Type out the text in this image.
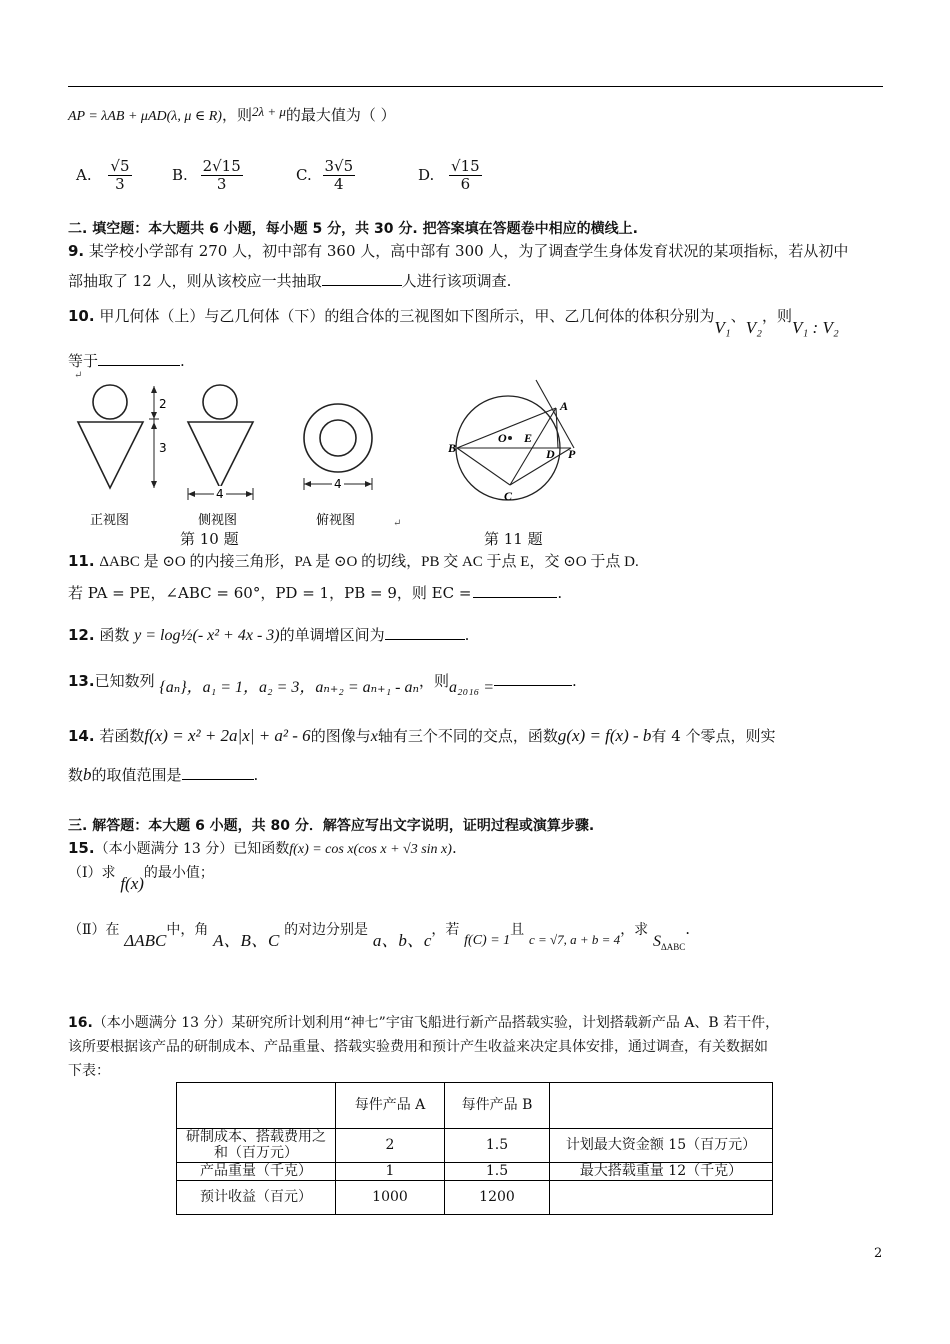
AP = λAB + μAD(λ, μ ∈ R)，则2λ + μ的最大值为（ ）
A. $\frac{√5}{3}$	B. $\frac{2√15}{3}$	C. $\frac{3√5}{4}$	D. $\frac{√15}{6}$
二. 填空题：本大题共 6 小题，每小题 5 分，共 30 分. 把答案填在答题卷中相应的横线上.
9. 某学校小学部有 270 人，初中部有 360 人，高中部有 300 人，为了调查学生身体发育状况的某项指标，若从初中
部抽取了 12 人，则从该校应一共抽取	人进行该项调查.
10. 甲几何体（上）与乙几何体（下）的组合体的三视图如下图所示，甲、乙几何体的体积分别为V₁、V₂，则V₁ : V₂
等于	.
↵
2
3
正视图
4
侧视图
4
俯视图	↵
A
B
C
D
E
O
P
第 10 题	第 11 题
11. ΔABC 是 ⊙O 的内接三角形，PA 是 ⊙O 的切线，PB 交 AC 于点 E，交 ⊙O 于点 D.
若 PA = PE，∠ABC = 60°，PD = 1，PB = 9，则 EC =	.
12. 函数 y = log½(- x² + 4x - 3)的单调增区间为	.
13.已知数列 {aₙ}，a₁ = 1，a₂ = 3，aₙ₊₂ = aₙ₊₁ - aₙ，则a₂₀₁₆ =	.
14. 若函数f(x) = x² + 2a|x| + a² - 6的图像与x轴有三个不同的交点，函数g(x) = f(x) - b有 4 个零点，则实
数b的取值范围是	.
三. 解答题：本大题 6 小题，共 80 分．解答应写出文字说明，证明过程或演算步骤.
15.（本小题满分 13 分）已知函数f(x) = cos x(cos x + √3 sin x).
（Ⅰ）求 f(x)的最小值；
（Ⅱ）在 ΔABC中，角 A、B、C 的对边分别是 a、b、c，若 f(C) = 1且 c = √7, a + b = 4，求 $S_{\Delta ABC}$.
16.（本小题满分 13 分）某研究所计划利用“神七”宇宙飞船进行新产品搭载实验，计划搭载新产品 A、B 若干件，
该所要根据该产品的研制成本、产品重量、搭载实验费用和预计产生收益来决定具体安排，通过调查，有关数据如
下表：
	每件产品 A	每件产品 B	
研制成本、搭载费用之和（百万元）	2	1.5	计划最大资金额 15（百万元）
产品重量（千克）	1	1.5	最大搭载重量 12（千克）
预计收益（百元）	1000	1200	
2
